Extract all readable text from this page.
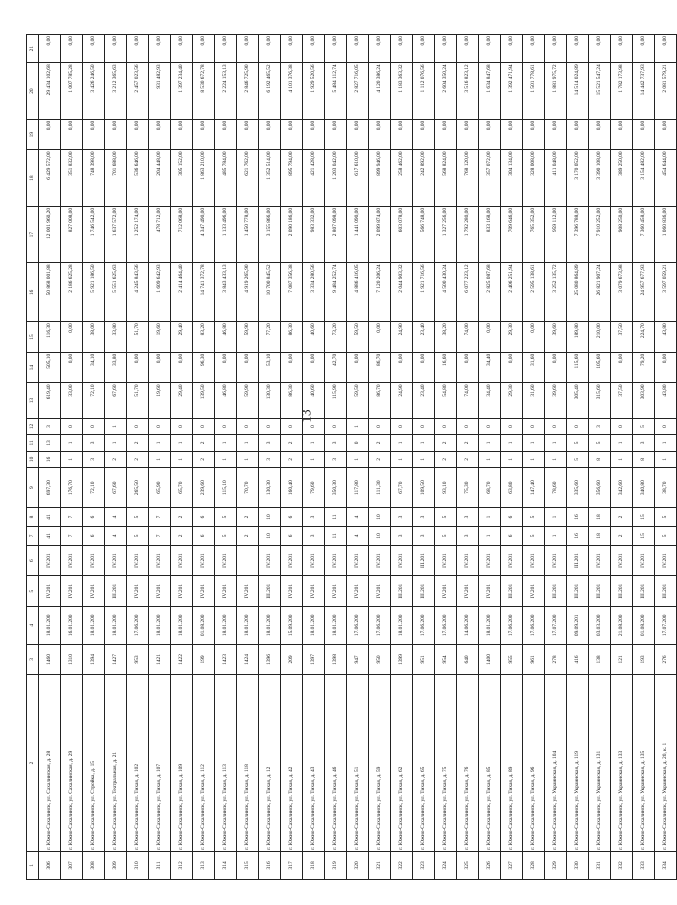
13
1	2	3	4	5	6	7	8	9	10	11	12	13	14	15	16	17	18	19	20	21
306	г. Южно-Сахалинск, ул. Сахалинская, д. 28	1460	18.01.200	IV.201	IV.201	41	41	697,30	16	13	3	619,40	505,10	116,30	50 868 001,88	12 001 960,20	6 429 572,00	0,00	29 434 102,68	0,00
307	г. Южно-Сахалинск, ул. Сахалинская, д. 29	1310	16.01.200	IV.201	IV.201	7	7	176,70	1	1	0	33,00	0,00	0,00	2 186 625,28	827 008,00	351 832,00	0,00	1 007 785,28	0,00
308	г. Южно-Сахалинск, ул. Стройка, д. 15	1394	18.01.200	IV.201	IV.201	6	6	72,10	3	3	0	72,10	34,10	38,00	5 921 186,50	1 746 542,00	748 398,00	0,00	3 426 246,50	0,00
309	г. Южно-Сахалинск, ул. Театральная, д. 21	1427	18.01.200	III.201	IV.201	4	4	67,60	2	1	1	67,60	33,80	33,80	5 551 625,63	1 637 572,00	701 688,00	0,00	3 212 365,63	0,00
310	г. Южно-Сахалинск, ул. Тихая, д. 102	953	17.06.200	IV.201	IV.201	5	5	265,50	2	2	0	51,70	0,00	51,70	4 245 843,56	1 252 174,00	536 646,00	0,00	2 457 023,56	0,00
311	г. Южно-Сахалинск, ул. Тихая, д. 107	1421	18.01.200	IV.201	IV.201	7	7	65,90	1	1	0	19,60	0,00	19,60	1 609 642,93	478 712,00	204 448,00	0,00	931 482,93	0,00
312	г. Южно-Сахалинск, ул. Тихая, д. 109	1422	18.01.200	IV.201	IV.201	2	2	65,70	1	1	0	29,40	0,00	29,40	2 414 464,40	712 068,00	305 152,00	0,00	1 397 234,40	0,00
313	г. Южно-Сахалинск, ул. Тихая, д. 112	199	01.08.200	IV.201	IV.201	6	6	239,60	2	2	0	139,50	96,30	83,20	14 741 372,78	4 347 490,00	1 863 210,00	0,00	8 530 672,78	0,00
314	г. Южно-Сахалинск, ул. Тихая, д. 113	1423	18.01.200	IV.201	IV.201	5	5	115,10	1	1	0	46,80	0,00	46,80	3 843 433,13	1 133 496,00	485 784,00	0,00	2 224 153,13	0,00
315	г. Южно-Сахалинск, ул. Тихая, д. 118	1424	18.01.200	IV.201		2	2	70,70	1	1	0	59,90	0,00	59,90	4 919 265,90	1 450 778,00	621 762,00	0,00	2 846 725,90	0,00
316	г. Южно-Сахалинск, ул. Тихая, д. 12	1396	18.01.200	III.201	IV.201	10	10	130,30	3	3	0	130,30	53,10	77,20	10 700 845,52	3 155 866,00	1 352 514,00	0,00	6 192 465,52	0,00
317	г. Южно-Сахалинск, ул. Тихая, д. 42	209	15.09.200	IV.201	IV.201	6	6	160,40	2	2	0	86,30	0,00	86,30	7 087 356,38	2 090 186,00	895 794,00	0,00	4 101 376,38	0,00
318	г. Южно-Сахалинск, ул. Тихая, д. 43	1397	18.01.200	IV.201	IV.201	3	3	79,60	1	1	0	40,60	0,00	40,60	3 334 280,56	983 332,00	421 428,00	0,00	1 929 520,56	0,00
319	г. Южно-Сахалинск, ул. Тихая, д. 46	1398	18.01.200	IV.201	IV.201	11	11	350,30	3	3	0	115,90	42,70	73,20	9 484 252,74	2 807 098,00	1 203 042,00	0,00	5 484 112,74	0,00
320	г. Южно-Сахалинск, ул. Тихая, д. 51	947	17.06.200	IV.201	IV.201	4	4	117,80	1	0	1	59,50	0,00	59,50	4 886 416,05	1 441 090,00	617 610,00	0,00	2 827 716,05	0,00
321	г. Южно-Сахалинск, ул. Тихая, д. 59	950	17.06.200	IV.201	IV.201	10	10	111,30	2	2	0	86,70	86,70	0,00	7 120 206,24	2 099 874,00	899 946,00	0,00	4 120 386,24	0,00
322	г. Южно-Сахалинск, ул. Тихая, д. 62	1399	18.01.200	III.201	IV.201	3	3	67,70	1	1	0	24,90	0,00	24,90	2 044 903,32	603 078,00	258 462,00	0,00	1 183 363,32	0,00
323	г. Южно-Сахалинск, ул. Тихая, д. 65	951	17.06.200	III.201	III.201	3	3	109,50	1	1	0	23,40	0,00	23,40	1 921 716,56	566 748,00	242 892,00	0,00	1 112 076,56	0,00
324	г. Южно-Сахалинск, ул. Тихая, д. 75	954	17.06.200	IV.201	IV.201	5	5	93,10	2	2	0	54,80	16,60	38,20	4 500 430,24	1 327 256,00	568 824,00	0,00	2 604 350,24	0,00
325	г. Южно-Сахалинск, ул. Тихая, д. 76	640	14.06.200	IV.201	IV.201	3	3	75,30	2	2	0	74,00	0,00	74,00	6 077 223,12	1 792 280,00	768 120,00	0,00	3 516 823,12	0,00
326	г. Южно-Сахалинск, ул. Тихая, д. 85	1400	18.01.200	IV.201	IV.201	1	1	68,70	1	1	0	34,40	34,40	0,00	2 825 087,68	833 168,00	357 072,00	0,00	1 634 847,68	0,00
327	г. Южно-Сахалинск, ул. Тихая, д. 89	955	17.06.200	III.201	IV.201	6	6	63,80	1	1	0	29,30	0,00	29,30	2 406 251,94	709 646,00	304 134,00	0,00	1 392 471,94	0,00
328	г. Южно-Сахалинск, ул. Тихая, д. 96	961	17.06.200	IV.201	IV.201	5	5	147,40	1	1	0	31,60	31,60	0,00	2 595 138,61	765 352,00	328 008,00	0,00	1 501 778,61	0,00
329	г. Южно-Сахалинск, ул. Украинская, д. 104	278	17.07.200	III.201	IV.201	1	1	78,60	1	1	0	39,60	0,00	39,60	3 252 135,72	959 112,00	411 048,00	0,00	1 881 975,72	0,00
330	г. Южно-Сахалинск, ул. Украинская, д. 119	416	09.09.201	III.201	III.201	16	16	335,60	5	5	0	305,40	115,60	189,80	25 080 864,89	7 396 788,00	3 170 052,00	0,00	14 514 024,89	0,00
331	г. Южно-Сахалинск, ул. Украинская, д. 131	138	03.03.200	III.201	IV.201	18	18	356,60	8	5	3	315,60	105,60	210,00	26 821 907,24	7 910 252,00	3 390 108,00	0,00	15 521 547,24	0,00
332	г. Южно-Сахалинск, ул. Украинская, д. 133	121	21.08.200	III.201	IV.201	2	2	342,60	1	1	0	37,50	0,00	37,50	3 079 673,98	908 250,00	389 250,00	0,00	1 782 173,98	0,00
333	г. Южно-Сахалинск, ул. Украинская, д. 135	193	01.08.200	III.201	IV.201	15	15	340,80	8	3	5	303,90	79,20	224,70	24 957 677,93	7 360 458,00	3 154 482,00	0,00	14 442 737,93	0,00
334	г. Южно-Сахалинск, ул. Украинская, д. 20, к. 1	276	17.07.200	III.201	IV.201	5	5	38,70	1	1	0	43,80	0,00	43,80	3 597 059,21	1 060 836,00	454 644,00	0,00	2 081 579,21	0,00
